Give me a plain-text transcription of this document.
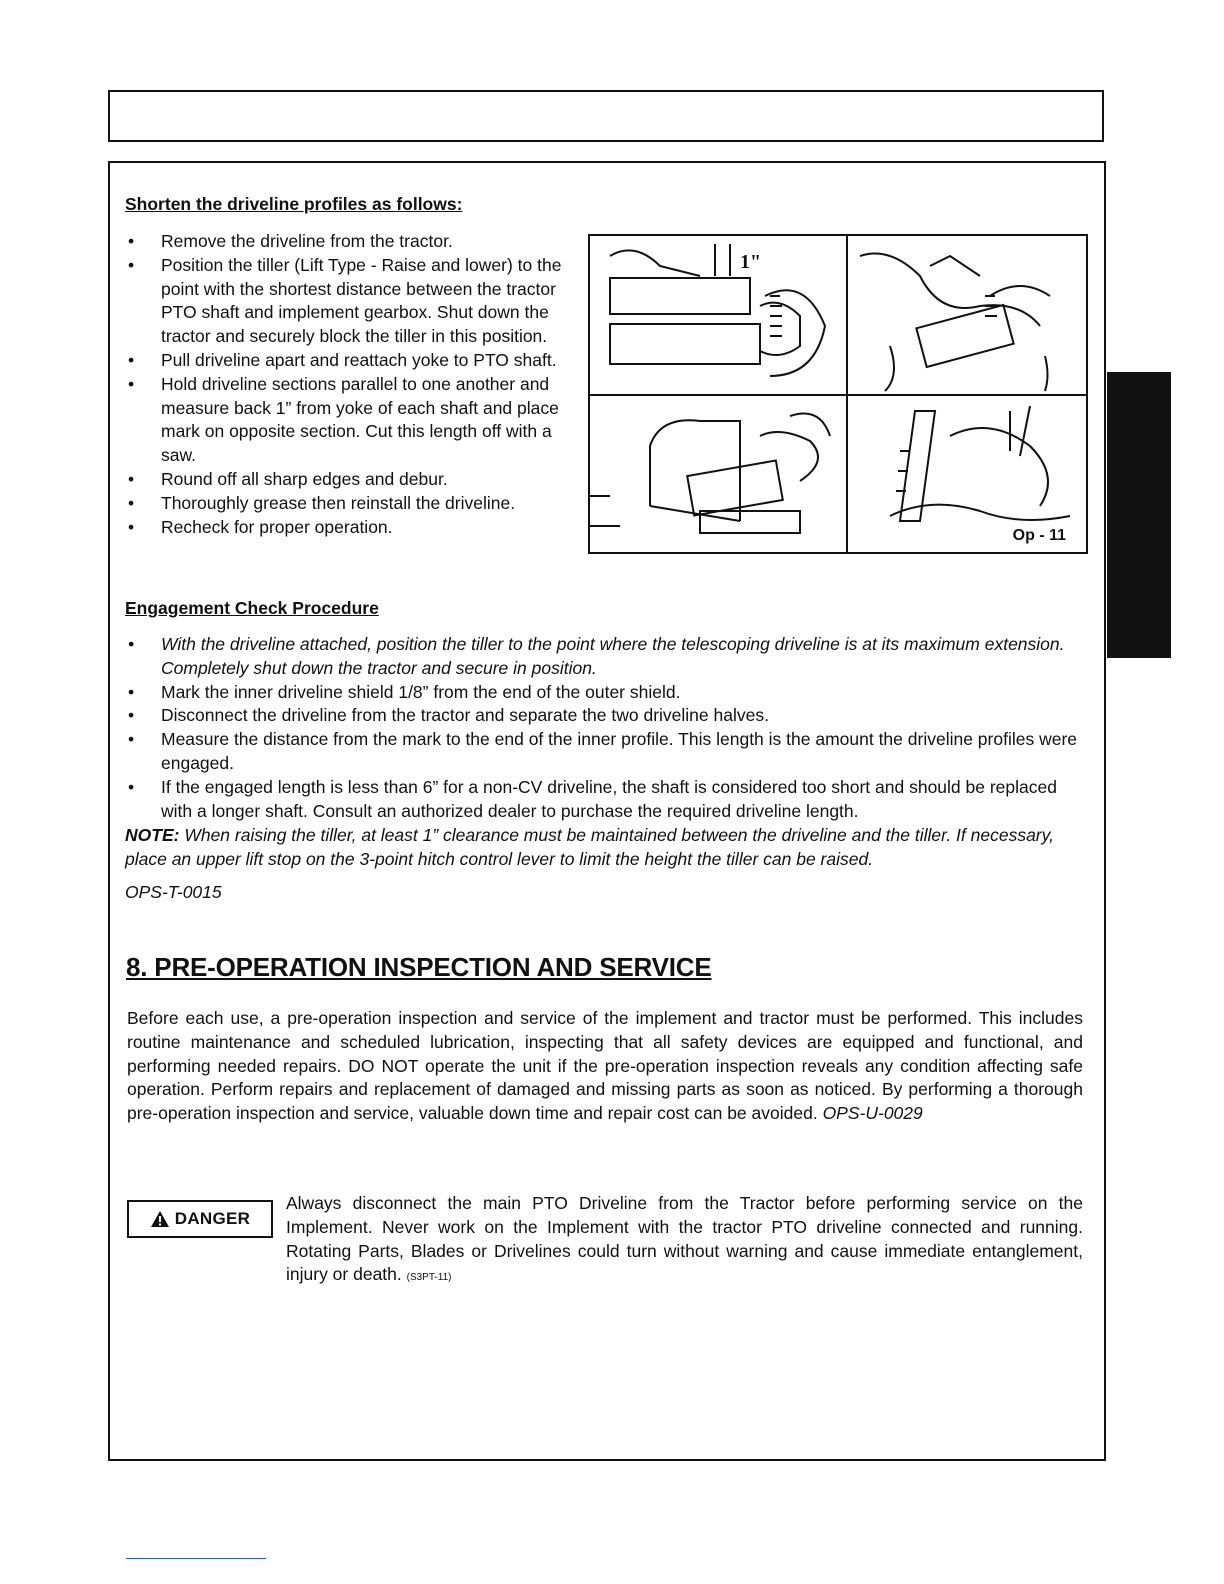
Shorten the driveline profiles as follows:
• Remove the driveline from the tractor.
• Position the tiller (Lift Type - Raise and lower) to the point with the shortest distance between the tractor PTO shaft and implement gearbox. Shut down the tractor and securely block the tiller in this position.
• Pull driveline apart and reattach yoke to PTO shaft.
• Hold driveline sections parallel to one another and measure back 1” from yoke of each shaft and place mark on opposite section. Cut this length off with a saw.
• Round off all sharp edges and debur.
• Thoroughly grease then reinstall the driveline.
• Recheck for proper operation.
1"
Op - 11
Engagement Check Procedure
• With the driveline attached, position the tiller to the point where the telescoping driveline is at its maximum extension. Completely shut down the tractor and secure in position.
• Mark the inner driveline shield 1/8” from the end of the outer shield.
• Disconnect the driveline from the tractor and separate the two driveline halves.
• Measure the distance from the mark to the end of the inner profile. This length is the amount the driveline profiles were engaged.
• If the engaged length is less than 6” for a non-CV driveline, the shaft is considered too short and should be replaced with a longer shaft. Consult an authorized dealer to purchase the required driveline length.

NOTE: When raising the tiller, at least 1” clearance must be maintained between the driveline and the tiller. If necessary, place an upper lift stop on the 3-point hitch control lever to limit the height the tiller can be raised.

OPS-T-0015

8. PRE-OPERATION INSPECTION AND SERVICE

Before each use, a pre-operation inspection and service of the implement and tractor must be performed. This includes routine maintenance and scheduled lubrication, inspecting that all safety devices are equipped and functional, and performing needed repairs. DO NOT operate the unit if the pre-operation inspection reveals any condition affecting safe operation. Perform repairs and replacement of damaged and missing parts as soon as noticed. By performing a thorough pre-operation inspection and service, valuable down time and repair cost can be avoided. OPS-U-0029

DANGER

Always disconnect the main PTO Driveline from the Tractor before performing service on the Implement. Never work on the Implement with the tractor PTO driveline connected and running. Rotating Parts, Blades or Drivelines could turn without warning and cause immediate entanglement, injury or death. (S3PT-11)
